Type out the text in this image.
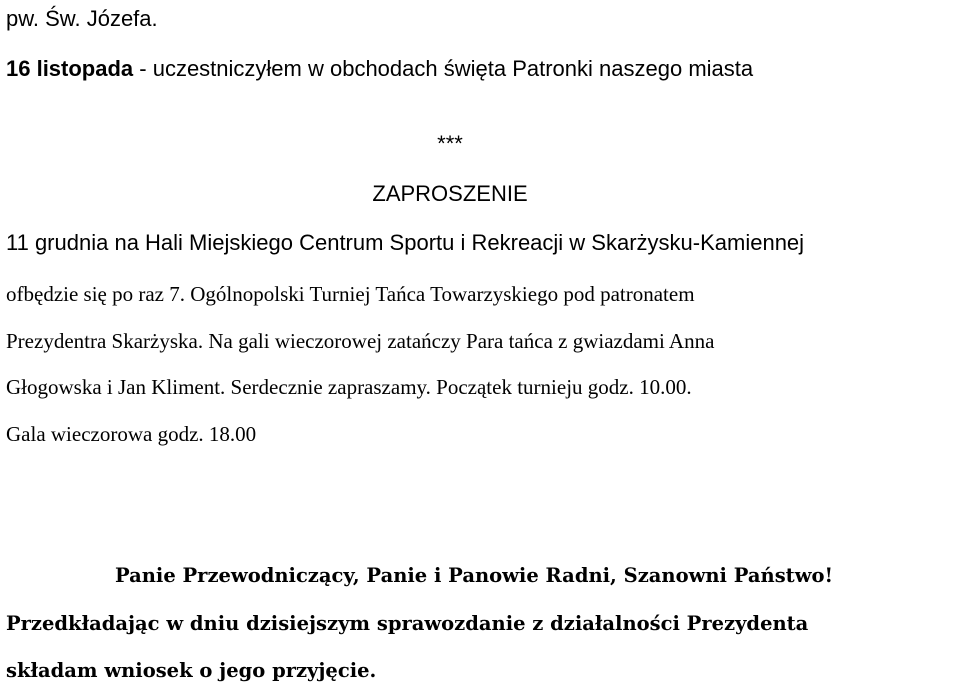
pw. Św. Józefa.
16 listopada - uczestniczyłem w obchodach święta Patronki naszego miasta
***
ZAPROSZENIE
11 grudnia na Hali Miejskiego Centrum Sportu i Rekreacji w Skarżysku-Kamiennej
ofbędzie się po raz 7. Ogólnopolski Turniej Tańca Towarzyskiego pod patronatem
Prezydentra Skarżyska. Na gali wieczorowej zatańczy Para tańca z gwiazdami Anna
Głogowska i Jan Kliment. Serdecznie zapraszamy. Początek turnieju godz. 10.00.
Gala wieczorowa godz. 18.00
Panie Przewodniczący, Panie i Panowie Radni, Szanowni Państwo!
Przedkładając w dniu dzisiejszym sprawozdanie z działalności Prezydenta
składam wniosek o jego przyjęcie.
